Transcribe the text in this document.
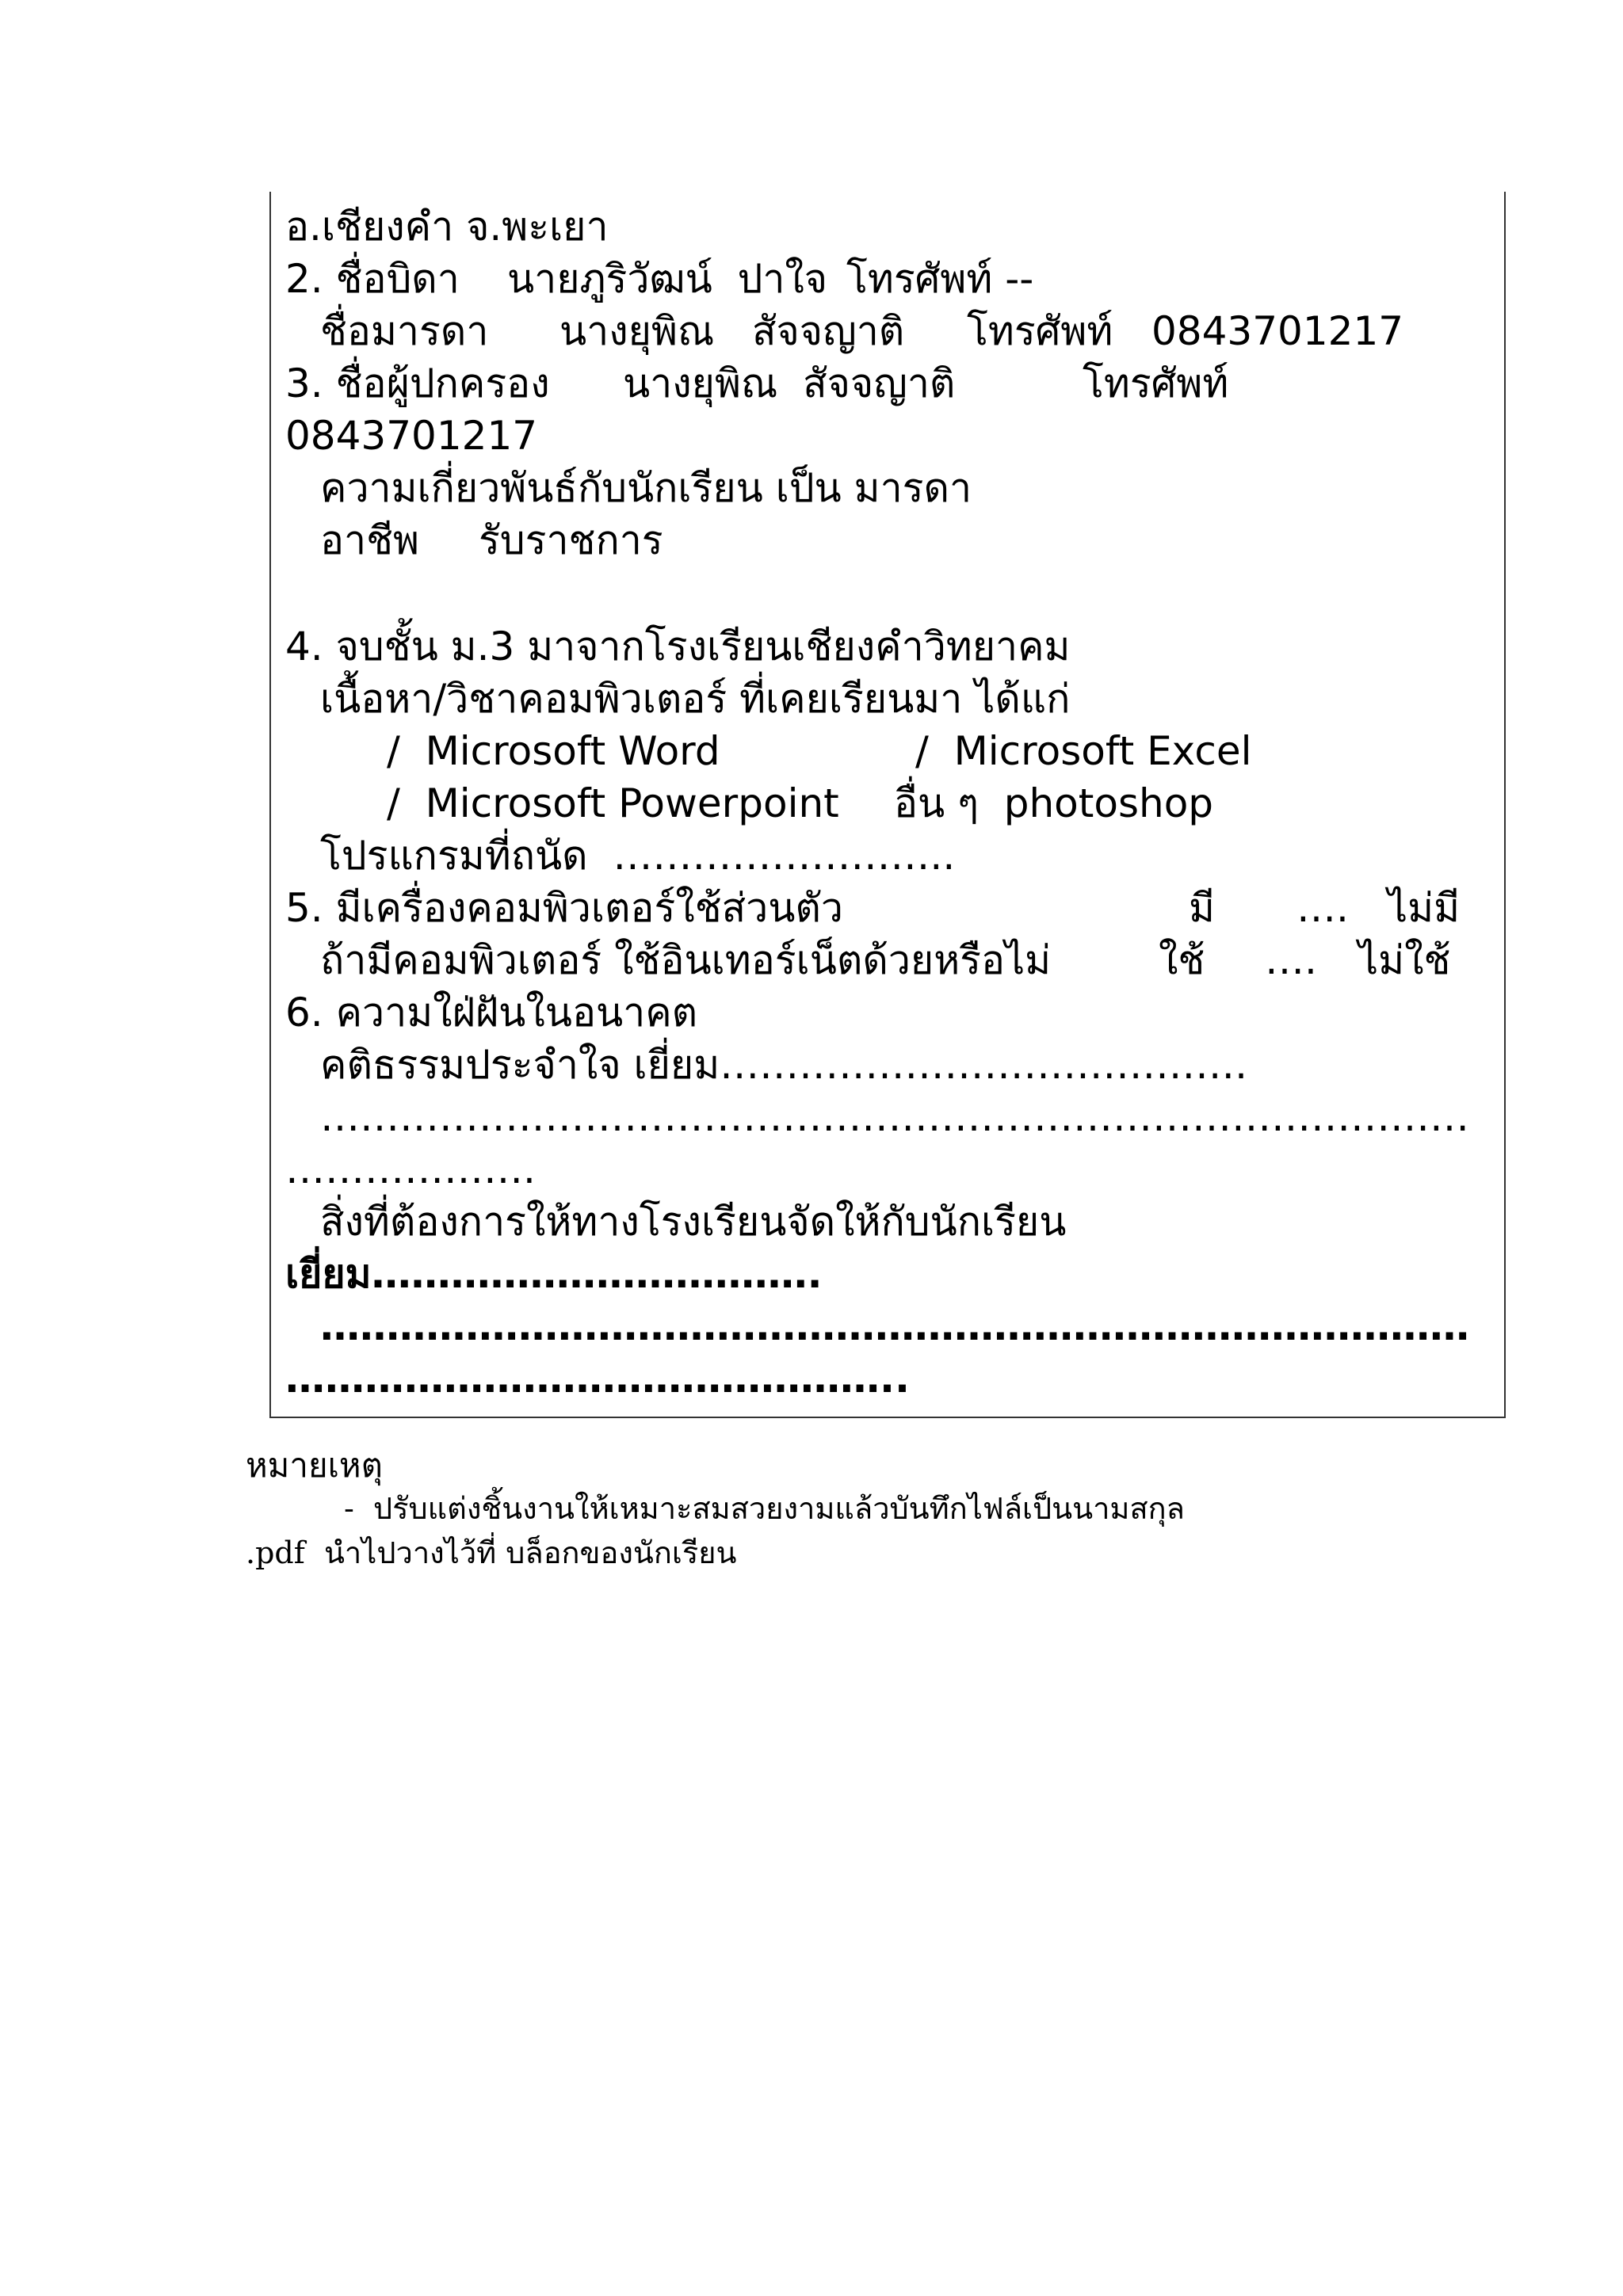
อ.เชียงคำ จ.พะเยา
2. ชื่อบิดา นายภูริวัฒน์  ปาใจ โทรศัพท์ --
ชื่อมารดา นางยุพิณ   สัจจญาติ โทรศัพท์ 0843701217
3. ชื่อผู้ปกครอง นางยุพิณ  สัจจญาติ	โทรศัพท์
0843701217
ความเกี่ยวพันธ์กับนักเรียน เป็น มารดา
อาชีพ รับราชการ
4. จบชั้น ม.3 มาจากโรงเรียนเชียงคำวิทยาคม
เนื้อหา/วิชาคอมพิวเตอร์ ที่เคยเรียนมา ได้แก่
/  Microsoft Word	/  Microsoft Excel
/  Microsoft Powerpoint อื่น ๆ  photoshop
โปรแกรมที่ถนัด  ……………………..
5. มีเครื่องคอมพิวเตอร์ใช้ส่วนตัว	มี …. ไม่มี
ถ้ามีคอมพิวเตอร์ ใช้อินเทอร์เน็ตด้วยหรือไม่	ใช้ …. ไม่ใช้
6. ความใฝ่ฝันในอนาคต
คติธรรมประจำใจ เยี่ยม………………………………….
……………………………………………………………………………
……………….
สิ่งที่ต้องการให้ทางโรงเรียนจัดให้กับนักเรียน
เยี่ยม…………………………….
……………………………………………………………………………
………………………………………..
หมายเหตุ
-  ปรับแต่งชิ้นงานให้เหมาะสมสวยงามแล้วบันทึกไฟล์เป็นนามสกุล
.pdf  นำไปวางไว้ที่ บล็อกของนักเรียน
